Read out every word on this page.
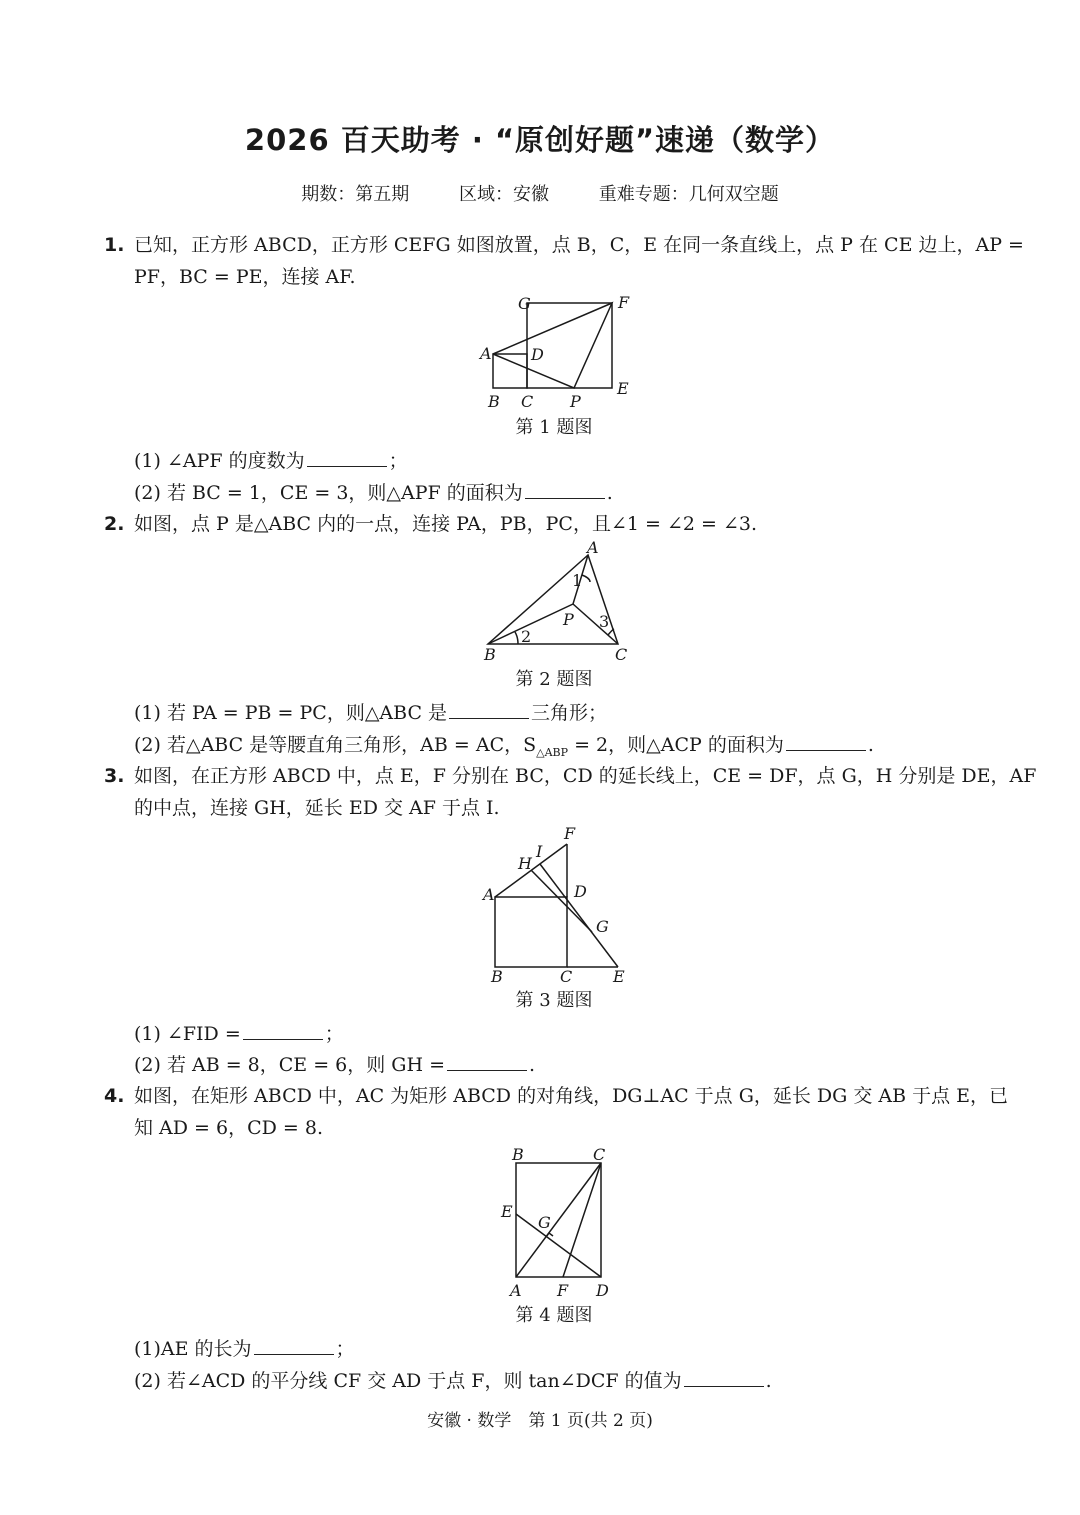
2026 百天助考 · “原创好题”速递（数学）
期数：第五期	区域：安徽	重难专题：几何双空题
1. 已知，正方形 ABCD，正方形 CEFG 如图放置，点 B，C，E 在同一条直线上，点 P 在 CE 边上，AP =
PF，BC = PE，连接 AF.
G	F
A D
E
B C P
第 1 题图
(1) ∠APF 的度数为	；
(2) 若 BC = 1，CE = 3，则△APF 的面积为	.
2. 如图，点 P 是△ABC 内的一点，连接 PA，PB，PC，且∠1 = ∠2 = ∠3.
A
1
P 3
2
B	C
第 2 题图
(1) 若 PA = PB = PC，则△ABC 是	三角形；
(2) 若△ABC 是等腰直角三角形，AB = AC，$S_{\triangle ABP} = 2$，则△ACP 的面积为	.
3. 如图，在正方形 ABCD 中，点 E，F 分别在 BC，CD 的延长线上，CE = DF，点 G，H 分别是 DE，AF
的中点，连接 GH，延长 ED 交 AF 于点 I.
F
I
H
A	D
G
B	C	E
第 3 题图
(1) ∠FID =	；
(2) 若 AB = 8，CE = 6，则 GH =	.
4. 如图，在矩形 ABCD 中，AC 为矩形 ABCD 的对角线，DG⊥AC 于点 G，延长 DG 交 AB 于点 E，已
知 AD = 6，CD = 8.
B	C
E
G
A F D
第 4 题图
(1)AE 的长为	；
(2) 若∠ACD 的平分线 CF 交 AD 于点 F，则 tan∠DCF 的值为	.
安徽 · 数学　第 1 页(共 2 页)
